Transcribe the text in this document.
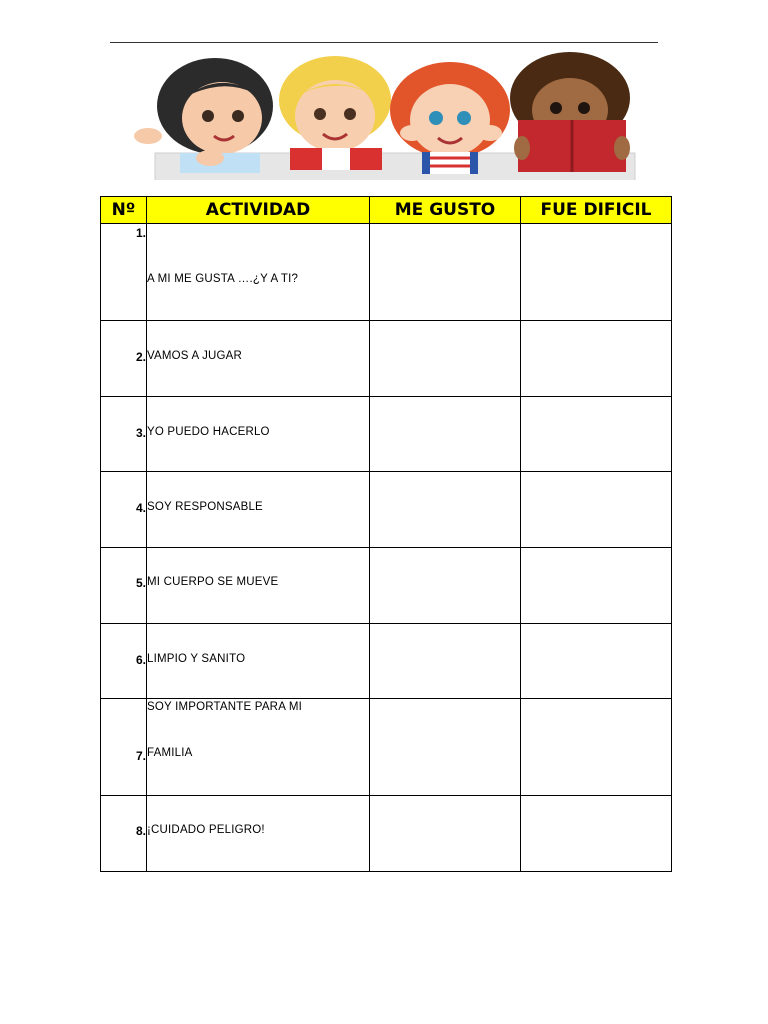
Nº	ACTIVIDAD	ME GUSTO	FUE DIFICIL
1.	A MI ME GUSTA ….¿Y A TI?		
2.	VAMOS A JUGAR		
3.	YO PUEDO HACERLO		
4.	SOY RESPONSABLE		
5.	MI CUERPO SE MUEVE		
6.	LIMPIO Y SANITO		
7.	SOY IMPORTANTE PARA MI
FAMILIA		

8.	¡CUIDADO PELIGRO!		
